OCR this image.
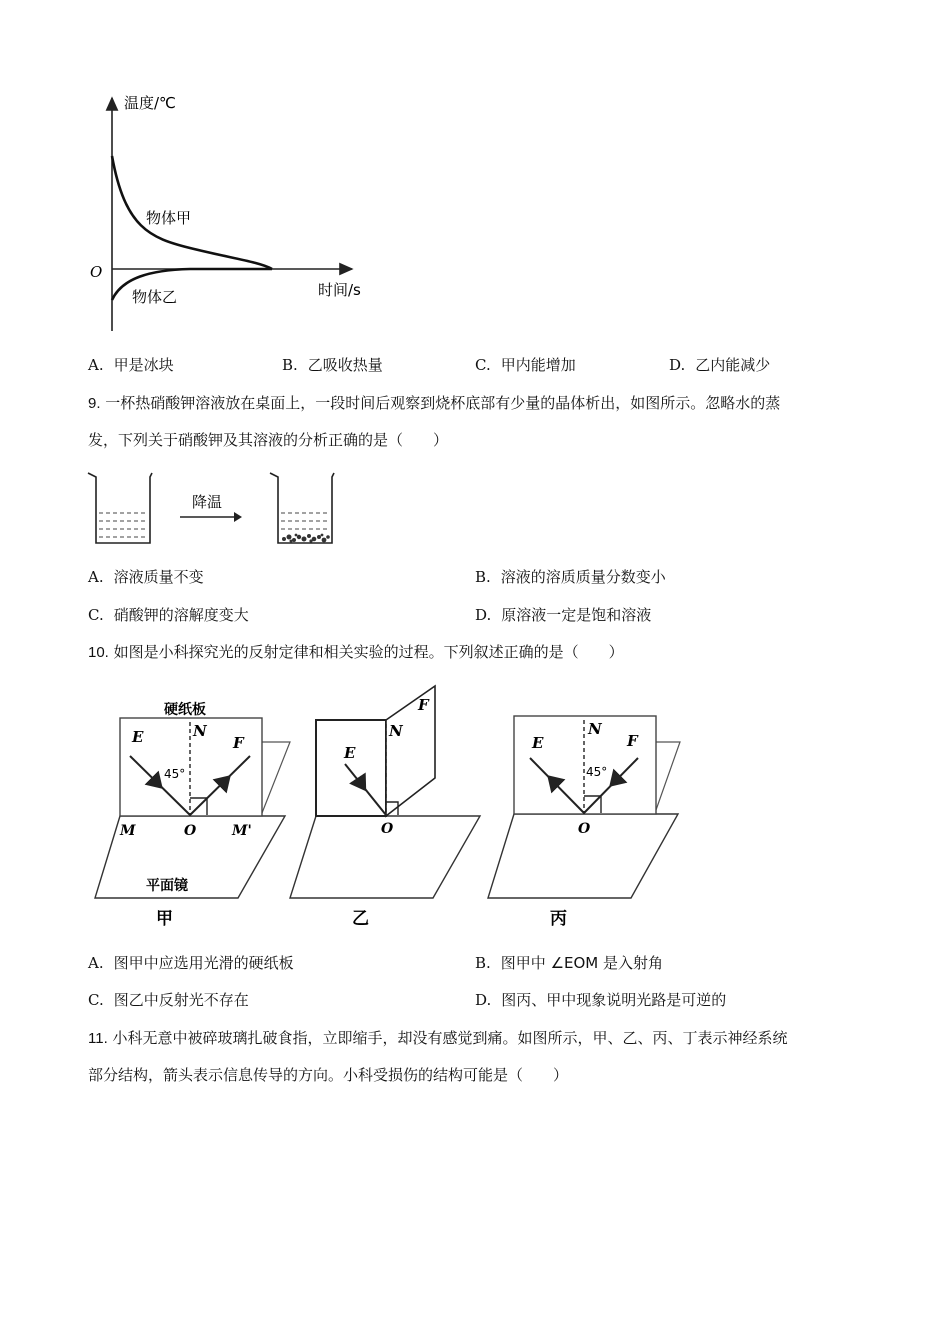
温度/℃
时间/s
O
物体甲
物体乙
A. 甲是冰块	B. 乙吸收热量	C. 甲内能增加	D. 乙内能减少
9. 一杯热硝酸钾溶液放在桌面上，一段时间后观察到烧杯底部有少量的晶体析出，如图所示。忽略水的蒸
发，下列关于硝酸钾及其溶液的分析正确的是（　　）
降温
A. 溶液质量不变	B. 溶液的溶质质量分数变小
C. 硝酸钾的溶解度变大	D. 原溶液一定是饱和溶液
10. 如图是小科探究光的反射定律和相关实验的过程。下列叙述正确的是（　　）
硬纸板
E	N
F
45°
M	O	M'
平面镜
甲
F
N
E
O
乙
N
E	F
45°
O
丙
A. 图甲中应选用光滑的硬纸板	B. 图甲中 ∠EOM 是入射角
C. 图乙中反射光不存在	D. 图丙、甲中现象说明光路是可逆的
11. 小科无意中被碎玻璃扎破食指，立即缩手，却没有感觉到痛。如图所示，甲、乙、丙、丁表示神经系统
部分结构，箭头表示信息传导的方向。小科受损伤的结构可能是（　　）
